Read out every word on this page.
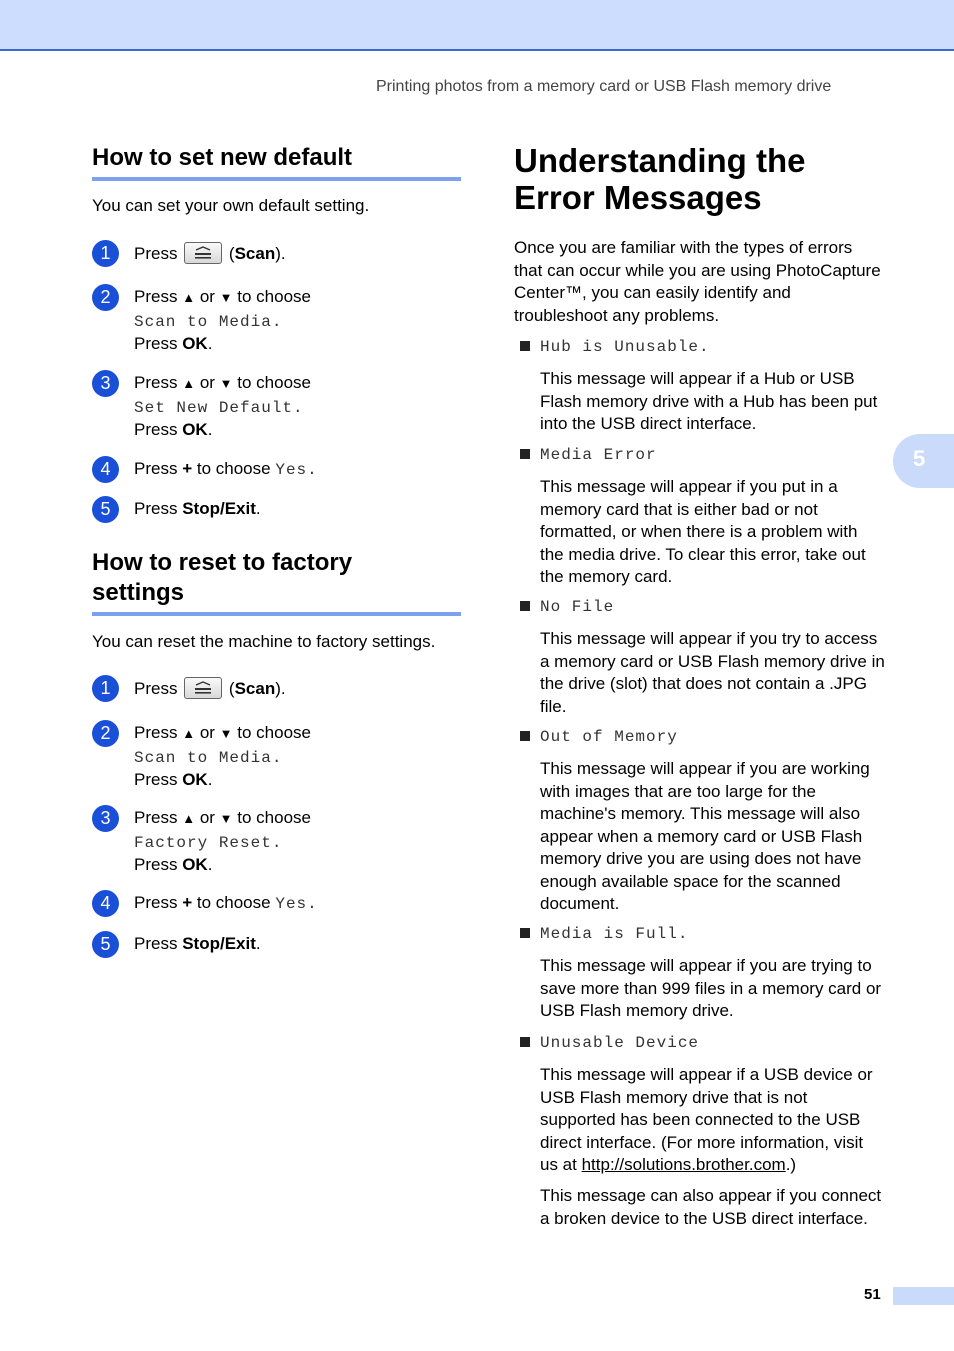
Printing photos from a memory card or USB Flash memory drive
5
How to set new default
You can set your own default setting.
1	Press	(Scan).
2	Press ▲ or ▼ to choose
Scan to Media.
Press OK.
3	Press ▲ or ▼ to choose
Set New Default.
Press OK.
4	Press + to choose Yes.
5	Press Stop/Exit.
How to reset to factory
settings
You can reset the machine to factory settings.
1	Press	(Scan).
2	Press ▲ or ▼ to choose
Scan to Media.
Press OK.
3	Press ▲ or ▼ to choose
Factory Reset.
Press OK.
4	Press + to choose Yes.
5	Press Stop/Exit.
Understanding the
Error Messages
Once you are familiar with the types of errors that can occur while you are using PhotoCapture Center™, you can easily identify and troubleshoot any problems.
Hub is Unusable.
This message will appear if a Hub or USB Flash memory drive with a Hub has been put into the USB direct interface.
Media Error
This message will appear if you put in a memory card that is either bad or not formatted, or when there is a problem with the media drive. To clear this error, take out the memory card.
No File
This message will appear if you try to access a memory card or USB Flash memory drive in the drive (slot) that does not contain a .JPG file.
Out of Memory
This message will appear if you are working with images that are too large for the machine's memory. This message will also appear when a memory card or USB Flash memory drive you are using does not have enough available space for the scanned document.
Media is Full.
This message will appear if you are trying to save more than 999 files in a memory card or USB Flash memory drive.
Unusable Device
This message will appear if a USB device or USB Flash memory drive that is not supported has been connected to the USB direct interface. (For more information, visit us at http://solutions.brother.com.)
This message can also appear if you connect a broken device to the USB direct interface.
51
